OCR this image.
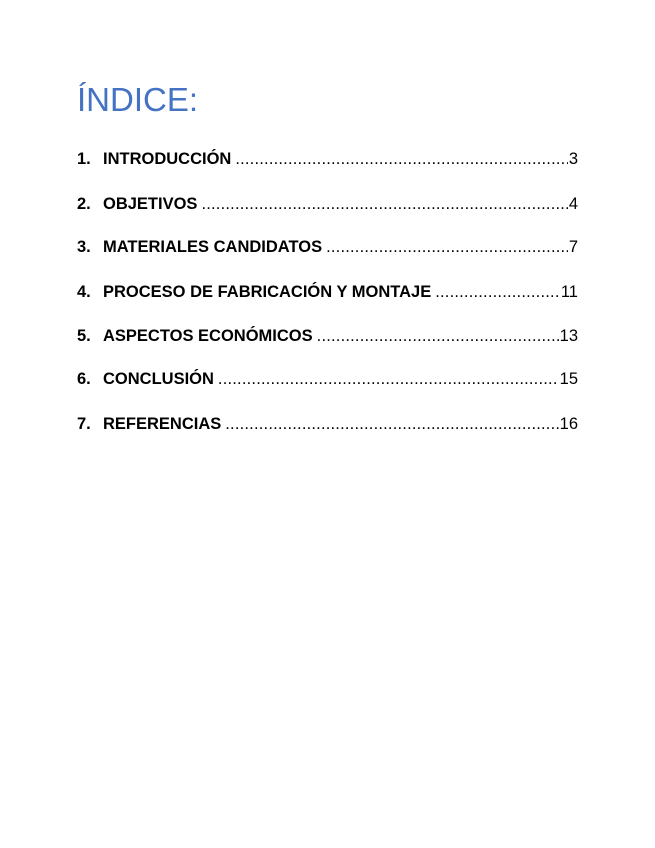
ÍNDICE:
1. INTRODUCCIÓN .....	3
2. OBJETIVOS .....	4
3. MATERIALES CANDIDATOS .....	7
4. PROCESO DE FABRICACIÓN Y MONTAJE .....	11
5. ASPECTOS ECONÓMICOS .....	13
6. CONCLUSIÓN .....	15
7. REFERENCIAS .....	16
